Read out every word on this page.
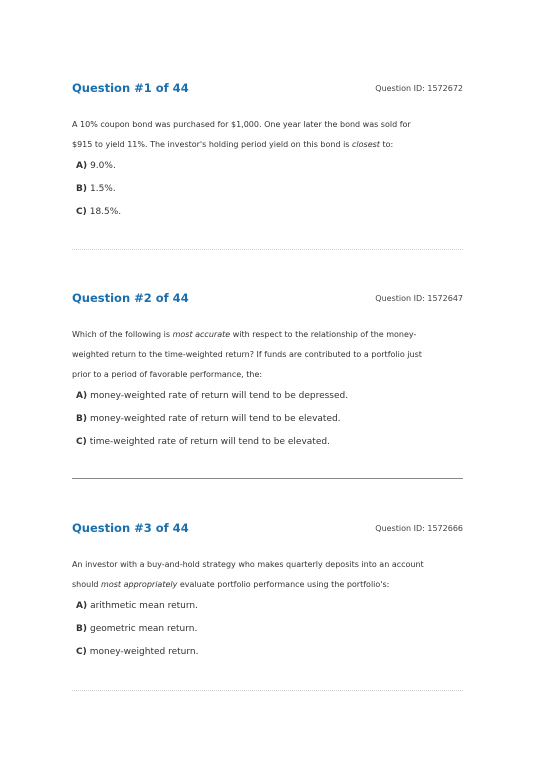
Question #1 of 44	Question ID: 1572672

A 10% coupon bond was purchased for $1,000. One year later the bond was sold for
$915 to yield 11%. The investor's holding period yield on this bond is closest to:

A) 9.0%.
B) 1.5%.
C) 18.5%.
Question #2 of 44	Question ID: 1572647

Which of the following is most accurate with respect to the relationship of the money-
weighted return to the time-weighted return? If funds are contributed to a portfolio just
prior to a period of favorable performance, the:

A) money-weighted rate of return will tend to be depressed.
B) money-weighted rate of return will tend to be elevated.
C) time-weighted rate of return will tend to be elevated.
Question #3 of 44	Question ID: 1572666

An investor with a buy-and-hold strategy who makes quarterly deposits into an account
should most appropriately evaluate portfolio performance using the portfolio's:

A) arithmetic mean return.
B) geometric mean return.
C) money-weighted return.
